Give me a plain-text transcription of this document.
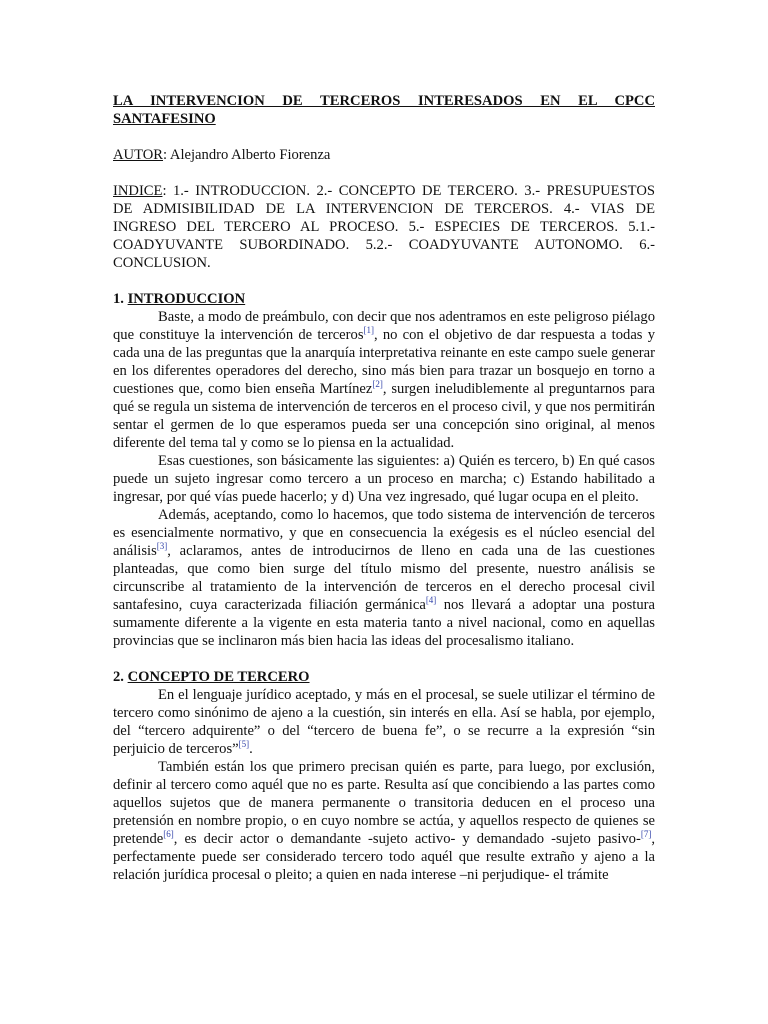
LA INTERVENCION DE TERCEROS INTERESADOS EN EL CPCC
SANTAFESINO
AUTOR: Alejandro Alberto Fiorenza
INDICE: 1.- INTRODUCCION. 2.- CONCEPTO DE TERCERO. 3.- PRESUPUESTOS DE ADMISIBILIDAD DE LA INTERVENCION DE TERCEROS. 4.- VIAS DE INGRESO DEL TERCERO AL PROCESO. 5.- ESPECIES DE TERCEROS. 5.1.- COADYUVANTE SUBORDINADO. 5.2.- COADYUVANTE AUTONOMO. 6.- CONCLUSION.
1. INTRODUCCION

Baste, a modo de preámbulo, con decir que nos adentramos en este peligroso piélago que constituye la intervención de terceros[1], no con el objetivo de dar respuesta a todas y cada una de las preguntas que la anarquía interpretativa reinante en este campo suele generar en los diferentes operadores del derecho, sino más bien para trazar un bosquejo en torno a cuestiones que, como bien enseña Martínez[2], surgen ineludiblemente al preguntarnos para qué se regula un sistema de intervención de terceros en el proceso civil, y que nos permitirán sentar el germen de lo que esperamos pueda ser una concepción sino original, al menos diferente del tema tal y como se lo piensa en la actualidad.

Esas cuestiones, son básicamente las siguientes: a) Quién es tercero, b) En qué casos puede un sujeto ingresar como tercero a un proceso en marcha; c) Estando habilitado a ingresar, por qué vías puede hacerlo; y d) Una vez ingresado, qué lugar ocupa en el pleito.

Además, aceptando, como lo hacemos, que todo sistema de intervención de terceros es esencialmente normativo, y que en consecuencia la exégesis es el núcleo esencial del análisis[3], aclaramos, antes de introducirnos de lleno en cada una de las cuestiones planteadas, que como bien surge del título mismo del presente, nuestro análisis se circunscribe al tratamiento de la intervención de terceros en el derecho procesal civil santafesino, cuya caracterizada filiación germánica[4] nos llevará a adoptar una postura sumamente diferente a la vigente en esta materia tanto a nivel nacional, como en aquellas provincias que se inclinaron más bien hacia las ideas del procesalismo italiano.

2. CONCEPTO DE TERCERO

En el lenguaje jurídico aceptado, y más en el procesal, se suele utilizar el término de tercero como sinónimo de ajeno a la cuestión, sin interés en ella. Así se habla, por ejemplo, del “tercero adquirente” o del “tercero de buena fe”, o se recurre a la expresión “sin perjuicio de terceros”[5].

También están los que primero precisan quién es parte, para luego, por exclusión, definir al tercero como aquél que no es parte. Resulta así que concibiendo a las partes como aquellos sujetos que de manera permanente o transitoria deducen en el proceso una pretensión en nombre propio, o en cuyo nombre se actúa, y aquellos respecto de quienes se pretende[6], es decir actor o demandante -sujeto activo- y demandado -sujeto pasivo-[7], perfectamente puede ser considerado tercero todo aquél que resulte extraño y ajeno a la relación jurídica procesal o pleito; a quien en nada interese –ni perjudique- el trámite
